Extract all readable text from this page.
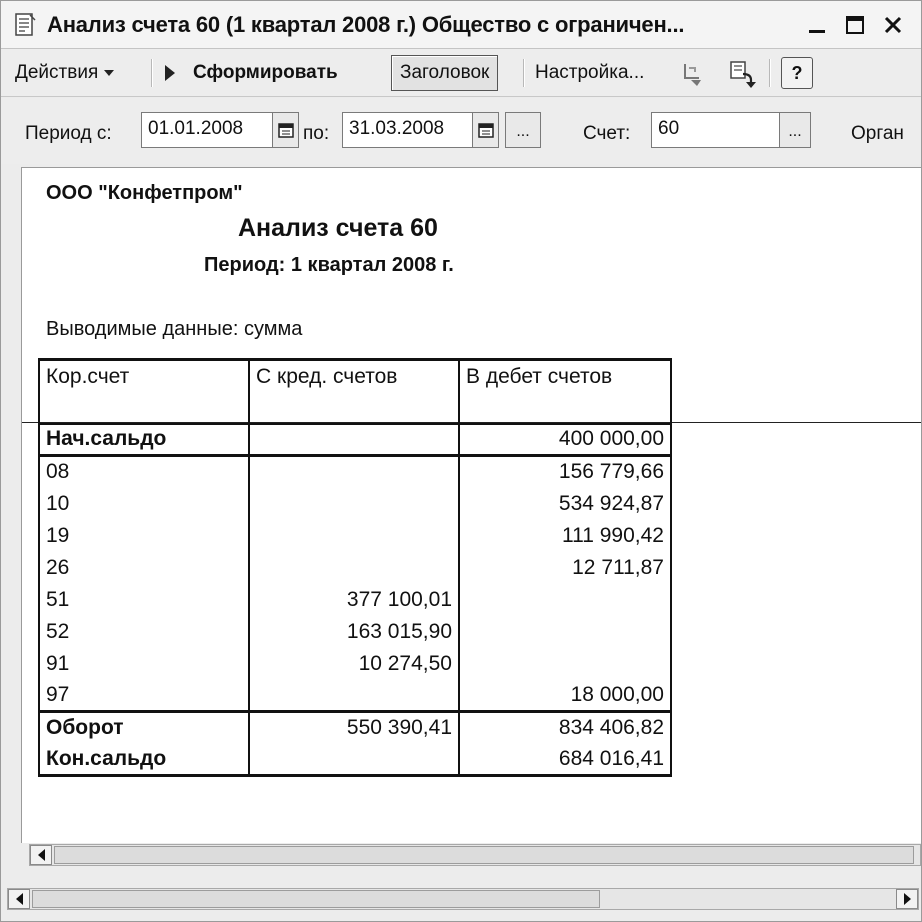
Анализ счета 60 (1 квартал 2008 г.) Общество с ограничен...
Действия	Сформировать	Заголовок Настройка...	?
Период с:	01.01.2008	по:	31.03.2008	...	Счет:	60	...	Орган
ООО "Конфетпром"
Анализ счета 60
Период: 1 квартал 2008 г.
Выводимые данные: сумма
Кор.счет	С кред. счетов	В дебет счетов
Нач.сальдо		400 000,00
08		156 779,66
10		534 924,87
19		111 990,42
26		12 711,87
51	377 100,01	
52	163 015,90	
91	10 274,50	
97		18 000,00
Оборот	550 390,41	834 406,82
Кон.сальдо		684 016,41
